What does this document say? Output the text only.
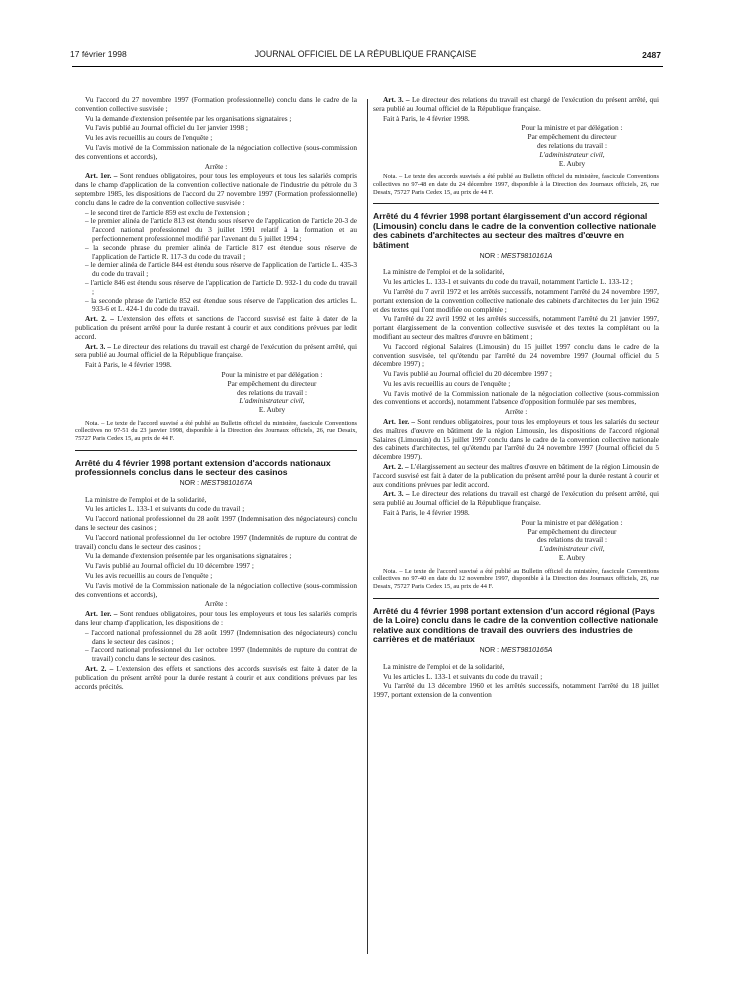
17 février 1998	JOURNAL OFFICIEL DE LA RÉPUBLIQUE FRANÇAISE	2487

Vu l'accord du 27 novembre 1997 (Formation professionnelle) conclu dans le cadre de la convention collective susvisée ;

Vu la demande d'extension présentée par les organisations signataires ;

Vu l'avis publié au Journal officiel du 1er janvier 1998 ;

Vu les avis recueillis au cours de l'enquête ;

Vu l'avis motivé de la Commission nationale de la négociation collective (sous-commission des conventions et accords),

Arrête :

Art. 1er. – Sont rendues obligatoires, pour tous les employeurs et tous les salariés compris dans le champ d'application de la convention collective nationale de l'industrie du pétrole du 3 septembre 1985, les dispositions de l'accord du 27 novembre 1997 (Formation professionnelle) conclu dans le cadre de la convention collective susvisée :

– le second tiret de l'article 859 est exclu de l'extension ;
– le premier alinéa de l'article 813 est étendu sous réserve de l'application de l'article 20-3 de l'accord national professionnel du 3 juillet 1991 relatif à la formation et au perfectionnement professionnel modifié par l'avenant du 5 juillet 1994 ;
– la seconde phrase du premier alinéa de l'article 817 est étendue sous réserve de l'application de l'article R. 117-3 du code du travail ;
– le dernier alinéa de l'article 844 est étendu sous réserve de l'application de l'article L. 435-3 du code du travail ;
– l'article 846 est étendu sous réserve de l'application de l'article D. 932-1 du code du travail ;
– la seconde phrase de l'article 852 est étendue sous réserve de l'application des articles L. 933-6 et L. 424-1 du code du travail.

Art. 2. – L'extension des effets et sanctions de l'accord susvisé est faite à dater de la publication du présent arrêté pour la durée restant à courir et aux conditions prévues par ledit accord.

Art. 3. – Le directeur des relations du travail est chargé de l'exécution du présent arrêté, qui sera publié au Journal officiel de la République française.

Fait à Paris, le 4 février 1998.

Pour la ministre et par délégation :

Par empêchement du directeur

des relations du travail :

L'administrateur civil,

E. Aubry

Nota. – Le texte de l'accord susvisé a été publié au Bulletin officiel du ministère, fascicule Conventions collectives no 97-51 du 23 janvier 1998, disponible à la Direction des Journaux officiels, 26, rue Desaix, 75727 Paris Cedex 15, au prix de 44 F.

Arrêté du 4 février 1998 portant extension d'accords nationaux professionnels conclus dans le secteur des casinos
NOR : MESТ9810167A

La ministre de l'emploi et de la solidarité,

Vu les articles L. 133-1 et suivants du code du travail ;

Vu l'accord national professionnel du 28 août 1997 (Indemnisation des négociateurs) conclu dans le secteur des casinos ;

Vu l'accord national professionnel du 1er octobre 1997 (Indemnités de rupture du contrat de travail) conclu dans le secteur des casinos ;

Vu la demande d'extension présentée par les organisations signataires ;

Vu l'avis publié au Journal officiel du 10 décembre 1997 ;

Vu les avis recueillis au cours de l'enquête ;

Vu l'avis motivé de la Commission nationale de la négociation collective (sous-commission des conventions et accords),

Arrête :

Art. 1er. – Sont rendues obligatoires, pour tous les employeurs et tous les salariés compris dans leur champ d'application, les dispositions de :

– l'accord national professionnel du 28 août 1997 (Indemnisation des négociateurs) conclu dans le secteur des casinos ;
– l'accord national professionnel du 1er octobre 1997 (Indemnités de rupture du contrat de travail) conclu dans le secteur des casinos.

Art. 2. – L'extension des effets et sanctions des accords susvisés est faite à dater de la publication du présent arrêté pour la durée restant à courir et aux conditions prévues par les accords précités.

Art. 3. – Le directeur des relations du travail est chargé de l'exécution du présent arrêté, qui sera publié au Journal officiel de la République française.

Fait à Paris, le 4 février 1998.

Pour la ministre et par délégation :

Par empêchement du directeur

des relations du travail :

L'administrateur civil,

E. Aubry

Nota. – Le texte des accords susvisés a été publié au Bulletin officiel du ministère, fascicule Conventions collectives no 97-48 en date du 24 décembre 1997, disponible à la Direction des Journaux officiels, 26, rue Desaix, 75727 Paris Cedex 15, au prix de 44 F.

Arrêté du 4 février 1998 portant élargissement d'un accord régional (Limousin) conclu dans le cadre de la convention collective nationale des cabinets d'architectes au secteur des maîtres d'œuvre en bâtiment
NOR : MESТ9810161A

La ministre de l'emploi et de la solidarité,

Vu les articles L. 133-1 et suivants du code du travail, notamment l'article L. 133-12 ;

Vu l'arrêté du 7 avril 1972 et les arrêtés successifs, notamment l'arrêté du 24 novembre 1997, portant extension de la convention collective nationale des cabinets d'architectes du 1er juin 1962 et des textes qui l'ont modifiée ou complétée ;

Vu l'arrêté du 22 avril 1992 et les arrêtés successifs, notamment l'arrêté du 21 janvier 1997, portant élargissement de la convention collective susvisée et des textes la complétant ou la modifiant au secteur des maîtres d'œuvre en bâtiment ;

Vu l'accord régional Salaires (Limousin) du 15 juillet 1997 conclu dans le cadre de la convention susvisée, tel qu'étendu par l'arrêté du 24 novembre 1997 (Journal officiel du 5 décembre 1997) ;

Vu l'avis publié au Journal officiel du 20 décembre 1997 ;

Vu les avis recueillis au cours de l'enquête ;

Vu l'avis motivé de la Commission nationale de la négociation collective (sous-commission des conventions et accords), notamment l'absence d'opposition formulée par ses membres,

Arrête :

Art. 1er. – Sont rendues obligatoires, pour tous les employeurs et tous les salariés du secteur des maîtres d'œuvre en bâtiment de la région Limousin, les dispositions de l'accord régional Salaires (Limousin) du 15 juillet 1997 conclu dans le cadre de la convention collective nationale des cabinets d'architectes, tel qu'étendu par l'arrêté du 24 novembre 1997 (Journal officiel du 5 décembre 1997).

Art. 2. – L'élargissement au secteur des maîtres d'œuvre en bâtiment de la région Limousin de l'accord susvisé est fait à dater de la publication du présent arrêté pour la durée restant à courir et aux conditions prévues par ledit accord.

Art. 3. – Le directeur des relations du travail est chargé de l'exécution du présent arrêté, qui sera publié au Journal officiel de la République française.

Fait à Paris, le 4 février 1998.

Pour la ministre et par délégation :

Par empêchement du directeur

des relations du travail :

L'administrateur civil,

E. Aubry

Nota. – Le texte de l'accord susvisé a été publié au Bulletin officiel du ministère, fascicule Conventions collectives no 97-40 en date du 12 novembre 1997, disponible à la Direction des Journaux officiels, 26, rue Desaix, 75727 Paris Cedex 15, au prix de 44 F.

Arrêté du 4 février 1998 portant extension d'un accord régional (Pays de la Loire) conclu dans le cadre de la convention collective nationale relative aux conditions de travail des ouvriers des industries de carrières et de matériaux
NOR : MESТ9810165A

La ministre de l'emploi et de la solidarité,

Vu les articles L. 133-1 et suivants du code du travail ;

Vu l'arrêté du 13 décembre 1960 et les arrêtés successifs, notamment l'arrêté du 18 juillet 1997, portant extension de la convention
